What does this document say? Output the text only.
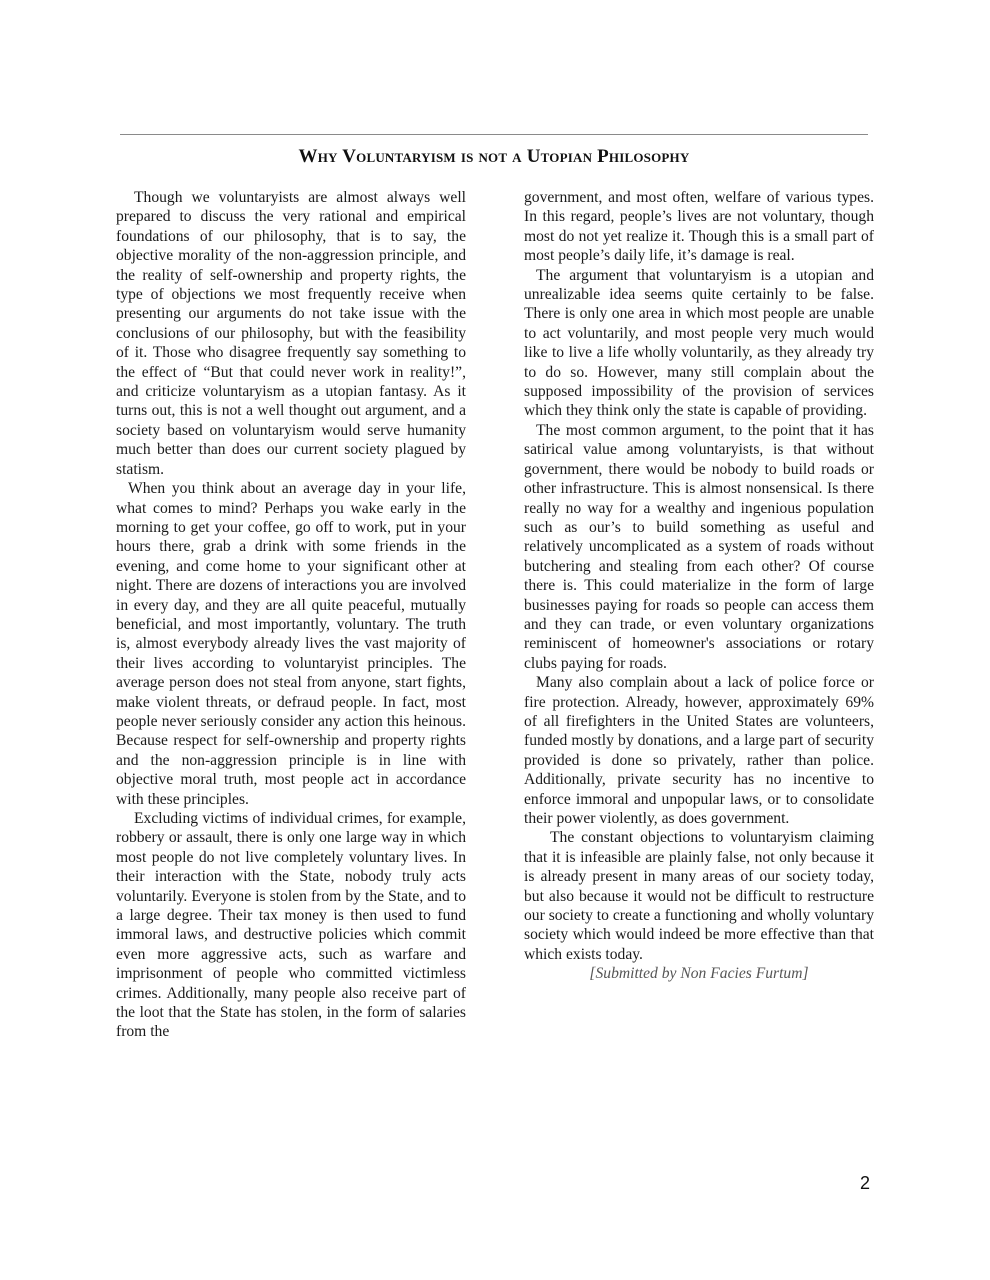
Why Voluntaryism is not a Utopian Philosophy

Though we voluntaryists are almost always well prepared to discuss the very rational and empirical foundations of our philosophy, that is to say, the objective morality of the non-aggression principle, and the reality of self-ownership and property rights, the type of objections we most frequently receive when presenting our arguments do not take issue with the conclusions of our philosophy, but with the feasibility of it. Those who disagree frequently say something to the effect of “But that could never work in reality!”, and criticize voluntaryism as a utopian fantasy. As it turns out, this is not a well thought out argument, and a society based on voluntaryism would serve humanity much better than does our current society plagued by statism.

When you think about an average day in your life, what comes to mind? Perhaps you wake early in the morning to get your coffee, go off to work, put in your hours there, grab a drink with some friends in the evening, and come home to your significant other at night. There are dozens of interactions you are involved in every day, and they are all quite peaceful, mutually beneficial, and most importantly, voluntary. The truth is, almost everybody already lives the vast majority of their lives according to voluntaryist principles. The average person does not steal from anyone, start fights, make violent threats, or defraud people. In fact, most people never seriously consider any action this heinous. Because respect for self-ownership and property rights and the non-aggression principle is in line with objective moral truth, most people act in accordance with these principles.

Excluding victims of individual crimes, for example, robbery or assault, there is only one large way in which most people do not live completely voluntary lives. In their interaction with the State, nobody truly acts voluntarily. Everyone is stolen from by the State, and to a large degree. Their tax money is then used to fund immoral laws, and destructive policies which commit even more aggressive acts, such as warfare and imprisonment of people who committed victimless crimes. Additionally, many people also receive part of the loot that the State has stolen, in the form of salaries from the

government, and most often, welfare of various types. In this regard, people’s lives are not voluntary, though most do not yet realize it. Though this is a small part of most people’s daily life, it’s damage is real.

The argument that voluntaryism is a utopian and unrealizable idea seems quite certainly to be false. There is only one area in which most people are unable to act voluntarily, and most people very much would like to live a life wholly voluntarily, as they already try to do so. However, many still complain about the supposed impossibility of the provision of services which they think only the state is capable of providing.

The most common argument, to the point that it has satirical value among voluntaryists, is that without government, there would be nobody to build roads or other infrastructure. This is almost nonsensical. Is there really no way for a wealthy and ingenious population such as our’s to build something as useful and relatively uncomplicated as a system of roads without butchering and stealing from each other? Of course there is. This could materialize in the form of large businesses paying for roads so people can access them and they can trade, or even voluntary organizations reminiscent of homeowner's associations or rotary clubs paying for roads.

Many also complain about a lack of police force or fire protection. Already, however, approximately 69% of all firefighters in the United States are volunteers, funded mostly by donations, and a large part of security provided is done so privately, rather than police. Additionally, private security has no incentive to enforce immoral and unpopular laws, or to consolidate their power violently, as does government.

The constant objections to voluntaryism claiming that it is infeasible are plainly false, not only because it is already present in many areas of our society today, but also because it would not be difficult to restructure our society to create a functioning and wholly voluntary society which would indeed be more effective than that which exists today.

[Submitted by Non Facies Furtum]

2
